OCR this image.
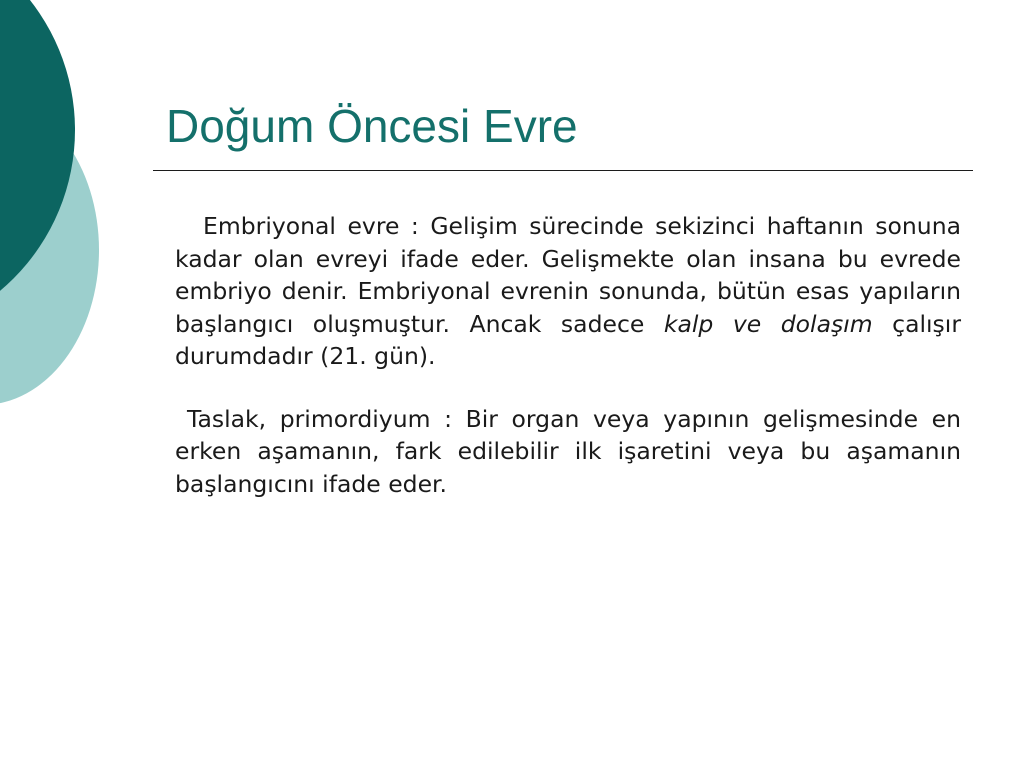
Doğum Öncesi Evre

Embriyonal evre : Gelişim sürecinde sekizinci haftanın sonuna kadar olan evreyi ifade eder. Gelişmekte olan insana bu evrede embriyo denir. Embriyonal evrenin sonunda, bütün esas yapıların başlangıcı oluşmuştur. Ancak sadece kalp ve dolaşım çalışır durumdadır (21. gün).

Taslak, primordiyum : Bir organ veya yapının gelişmesinde en erken aşamanın, fark edilebilir ilk işaretini veya bu aşamanın başlangıcını ifade eder.
